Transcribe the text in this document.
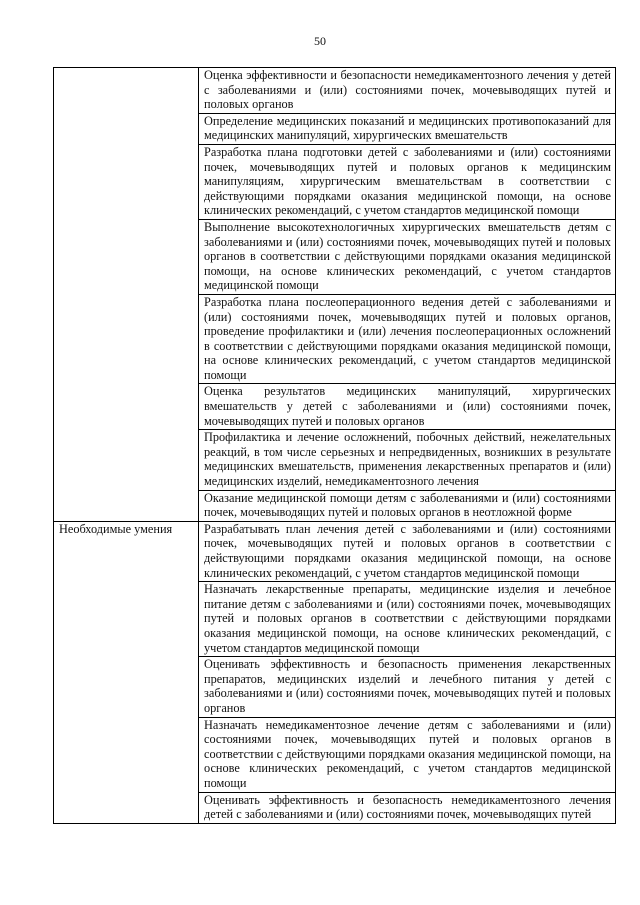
50

	Оценка эффективности и безопасности немедикаментозного лечения у детей с заболеваниями и (или) состояниями почек, мочевыводящих путей и половых органов

	Определение медицинских показаний и медицинских противопоказаний для медицинских манипуляций, хирургических вмешательств

	Разработка плана подготовки детей с заболеваниями и (или) состояниями почек, мочевыводящих путей и половых органов к медицинским манипуляциям, хирургическим вмешательствам в соответствии с действующими порядками оказания медицинской помощи, на основе клинических рекомендаций, с учетом стандартов медицинской помощи

	Выполнение высокотехнологичных хирургических вмешательств детям с заболеваниями и (или) состояниями почек, мочевыводящих путей и половых органов в соответствии с действующими порядками оказания медицинской помощи, на основе клинических рекомендаций, с учетом стандартов медицинской помощи

	Разработка плана послеоперационного ведения детей с заболеваниями и (или) состояниями почек, мочевыводящих путей и половых органов, проведение профилактики и (или) лечения послеоперационных осложнений в соответствии с действующими порядками оказания медицинской помощи, на основе клинических рекомендаций, с учетом стандартов медицинской помощи

	Оценка результатов медицинских манипуляций, хирургических вмешательств у детей с заболеваниями и (или) состояниями почек, мочевыводящих путей и половых органов

	Профилактика и лечение осложнений, побочных действий, нежелательных реакций, в том числе серьезных и непредвиденных, возникших в результате медицинских вмешательств, применения лекарственных препаратов и (или) медицинских изделий, немедикаментозного лечения

	Оказание медицинской помощи детям с заболеваниями и (или) состояниями почек, мочевыводящих путей и половых органов в неотложной форме

Необходимые умения	Разрабатывать план лечения детей с заболеваниями и (или) состояниями почек, мочевыводящих путей и половых органов в соответствии с действующими порядками оказания медицинской помощи, на основе клинических рекомендаций, с учетом стандартов медицинской помощи

	Назначать лекарственные препараты, медицинские изделия и лечебное питание детям с заболеваниями и (или) состояниями почек, мочевыводящих путей и половых органов в соответствии с действующими порядками оказания медицинской помощи, на основе клинических рекомендаций, с учетом стандартов медицинской помощи

	Оценивать эффективность и безопасность применения лекарственных препаратов, медицинских изделий и лечебного питания у детей с заболеваниями и (или) состояниями почек, мочевыводящих путей и половых органов

	Назначать немедикаментозное лечение детям с заболеваниями и (или) состояниями почек, мочевыводящих путей и половых органов в соответствии с действующими порядками оказания медицинской помощи, на основе клинических рекомендаций, с учетом стандартов медицинской помощи

	Оценивать эффективность и безопасность немедикаментозного лечения детей с заболеваниями и (или) состояниями почек, мочевыводящих путей
